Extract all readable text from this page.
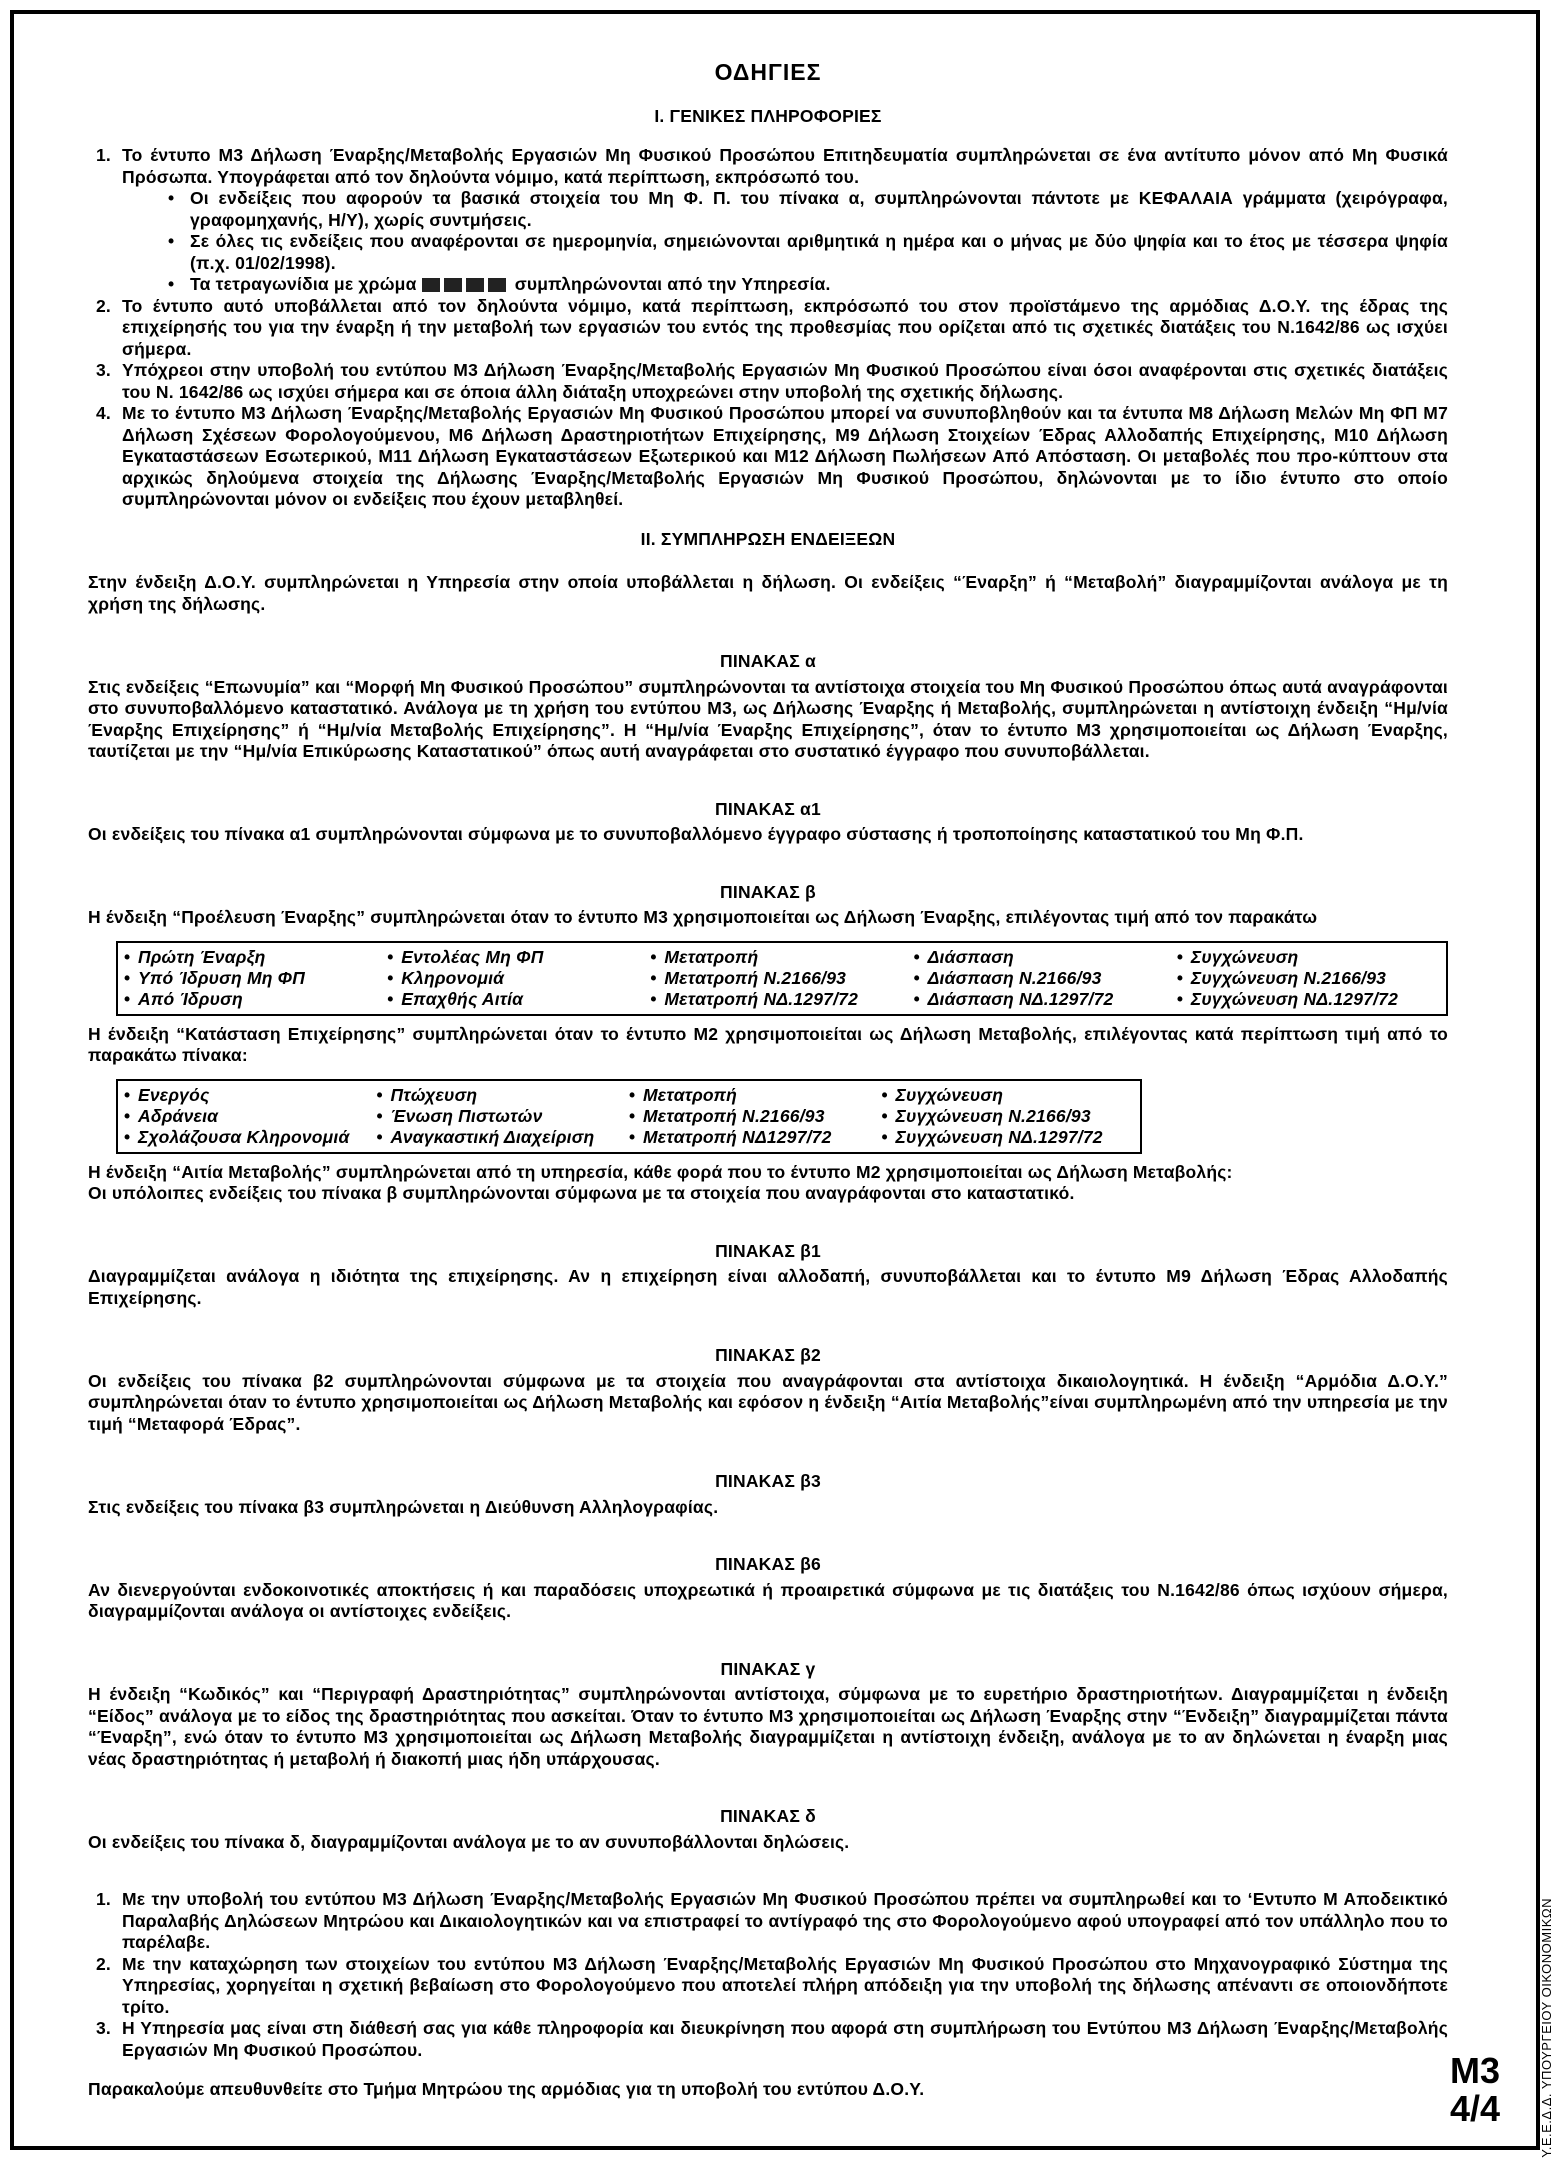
Υ.Ε.Ε.Δ.Δ. ΥΠΟΥΡΓΕΙΟΥ ΟΙΚΟΝΟΜΙΚΩΝ
ΟΔΗΓΙΕΣ
I. ΓΕΝΙΚΕΣ ΠΛΗΡΟΦΟΡΙΕΣ
1. Το έντυπο Μ3 Δήλωση Έναρξης/Μεταβολής Εργασιών Μη Φυσικού Προσώπου Επιτηδευματία συμπληρώνεται σε ένα αντίτυπο μόνον από Μη Φυσικά Πρόσωπα. Υπογράφεται από τον δηλούντα νόμιμο, κατά περίπτωση, εκπρόσωπό του.
• Οι ενδείξεις που αφορούν τα βασικά στοιχεία του Μη Φ. Π. του πίνακα α, συμπληρώνονται πάντοτε με ΚΕΦΑΛΑΙΑ γράμματα (χειρόγραφα, γραφομηχανής, Η/Υ), χωρίς συντμήσεις.
• Σε όλες τις ενδείξεις που αναφέρονται σε ημερομηνία, σημειώνονται αριθμητικά η ημέρα και ο μήνας με δύο ψηφία και το έτος με τέσσερα ψηφία (π.χ. 01/02/1998).
• Τα τετραγωνίδια με χρώμα	συμπληρώνονται από την Υπηρεσία.
2. Το έντυπο αυτό υποβάλλεται από τον δηλούντα νόμιμο, κατά περίπτωση, εκπρόσωπό του στον προϊστάμενο της αρμόδιας Δ.Ο.Υ. της έδρας της επιχείρησής του για την έναρξη ή την μεταβολή των εργασιών του εντός της προθεσμίας που ορίζεται από τις σχετικές διατάξεις του Ν.1642/86 ως ισχύει σήμερα.
3. Υπόχρεοι στην υποβολή του εντύπου Μ3 Δήλωση Έναρξης/Μεταβολής Εργασιών Μη Φυσικού Προσώπου είναι όσοι αναφέρονται στις σχετικές διατάξεις του Ν. 1642/86 ως ισχύει σήμερα και σε όποια άλλη διάταξη υποχρεώνει στην υποβολή της σχετικής δήλωσης.
4. Με το έντυπο Μ3 Δήλωση Έναρξης/Μεταβολής Εργασιών Μη Φυσικού Προσώπου μπορεί να συνυποβληθούν και τα έντυπα Μ8 Δήλωση Μελών Μη ΦΠ Μ7 Δήλωση Σχέσεων Φορολογούμενου, Μ6 Δήλωση Δραστηριοτήτων Επιχείρησης, Μ9 Δήλωση Στοιχείων Έδρας Αλλοδαπής Επιχείρησης, Μ10 Δήλωση Εγκαταστάσεων Εσωτερικού, Μ11 Δήλωση Εγκαταστάσεων Εξωτερικού και Μ12 Δήλωση Πωλήσεων Από Απόσταση. Οι μεταβολές που προ-κύπτουν στα αρχικώς δηλούμενα στοιχεία της Δήλωσης Έναρξης/Μεταβολής Εργασιών Μη Φυσικού Προσώπου, δηλώνονται με το ίδιο έντυπο στο οποίο συμπληρώνονται μόνον οι ενδείξεις που έχουν μεταβληθεί.
II. ΣΥΜΠΛΗΡΩΣΗ ΕΝΔΕΙΞΕΩΝ

Στην ένδειξη Δ.Ο.Υ. συμπληρώνεται η Υπηρεσία στην οποία υποβάλλεται η δήλωση. Οι ενδείξεις “Έναρξη” ή “Μεταβολή” διαγραμμίζονται ανάλογα με τη χρήση της δήλωσης.

ΠΙΝΑΚΑΣ α

Στις ενδείξεις “Επωνυμία” και “Μορφή Μη Φυσικού Προσώπου” συμπληρώνονται τα αντίστοιχα στοιχεία του Μη Φυσικού Προσώπου όπως αυτά αναγράφονται στο συνυποβαλλόμενο καταστατικό. Ανάλογα με τη χρήση του εντύπου Μ3, ως Δήλωσης Έναρξης ή Μεταβολής, συμπληρώνεται η αντίστοιχη ένδειξη “Ημ/νία Έναρξης Επιχείρησης” ή “Ημ/νία Μεταβολής Επιχείρησης”. Η “Ημ/νία Έναρξης Επιχείρησης”, όταν το έντυπο Μ3 χρησιμοποιείται ως Δήλωση Έναρξης, ταυτίζεται με την “Ημ/νία Επικύρωσης Καταστατικού” όπως αυτή αναγράφεται στο συστατικό έγγραφο που συνυποβάλλεται.

ΠΙΝΑΚΑΣ α1

Οι ενδείξεις του πίνακα α1 συμπληρώνονται σύμφωνα με το συνυποβαλλόμενο έγγραφο σύστασης ή τροποποίησης καταστατικού του Μη Φ.Π.

ΠΙΝΑΚΑΣ β

Η ένδειξη “Προέλευση Έναρξης” συμπληρώνεται όταν το έντυπο Μ3 χρησιμοποιείται ως Δήλωση Έναρξης, επιλέγοντας τιμή από τον παρακάτω

• Πρώτη Έναρξη
• Υπό Ίδρυση Μη ΦΠ
• Από Ίδρυση
• Εντολέας Μη ΦΠ
• Κληρονομιά
• Επαχθής Αιτία
• Μετατροπή
• Μετατροπή Ν.2166/93
• Μετατροπή ΝΔ.1297/72
• Διάσπαση
• Διάσπαση Ν.2166/93
• Διάσπαση ΝΔ.1297/72
• Συγχώνευση
• Συγχώνευση Ν.2166/93
• Συγχώνευση ΝΔ.1297/72

Η ένδειξη “Κατάσταση Επιχείρησης” συμπληρώνεται όταν το έντυπο Μ2 χρησιμοποιείται ως Δήλωση Μεταβολής, επιλέγοντας κατά περίπτωση τιμή από το παρακάτω πίνακα:

• Ενεργός
• Αδράνεια
• Σχολάζουσα Κληρονομιά
• Πτώχευση
• Ένωση Πιστωτών
• Αναγκαστική Διαχείριση
• Μετατροπή
• Μετατροπή Ν.2166/93
• Μετατροπή ΝΔ1297/72
• Συγχώνευση
• Συγχώνευση Ν.2166/93
• Συγχώνευση ΝΔ.1297/72

Η ένδειξη “Αιτία Μεταβολής” συμπληρώνεται από τη υπηρεσία, κάθε φορά που το έντυπο Μ2 χρησιμοποιείται ως Δήλωση Μεταβολής:

Οι υπόλοιπες ενδείξεις του πίνακα β συμπληρώνονται σύμφωνα με τα στοιχεία που αναγράφονται στο καταστατικό.

ΠΙΝΑΚΑΣ β1

Διαγραμμίζεται ανάλογα η ιδιότητα της επιχείρησης. Αν η επιχείρηση είναι αλλοδαπή, συνυποβάλλεται και το έντυπο Μ9 Δήλωση Έδρας Αλλοδαπής Επιχείρησης.

ΠΙΝΑΚΑΣ β2

Οι ενδείξεις του πίνακα β2 συμπληρώνονται σύμφωνα με τα στοιχεία που αναγράφονται στα αντίστοιχα δικαιολογητικά. Η ένδειξη “Αρμόδια Δ.Ο.Υ.” συμπληρώνεται όταν το έντυπο χρησιμοποιείται ως Δήλωση Μεταβολής και εφόσον η ένδειξη “Αιτία Μεταβολής”είναι συμπληρωμένη από την υπηρεσία με την τιμή “Μεταφορά Έδρας”.

ΠΙΝΑΚΑΣ β3

Στις ενδείξεις του πίνακα β3 συμπληρώνεται η Διεύθυνση Αλληλογραφίας.

ΠΙΝΑΚΑΣ β6

Αν διενεργούνται ενδοκοινοτικές αποκτήσεις ή και παραδόσεις υποχρεωτικά ή προαιρετικά σύμφωνα με τις διατάξεις του Ν.1642/86 όπως ισχύουν σήμερα, διαγραμμίζονται ανάλογα οι αντίστοιχες ενδείξεις.

ΠΙΝΑΚΑΣ γ

Η ένδειξη “Κωδικός” και “Περιγραφή Δραστηριότητας” συμπληρώνονται αντίστοιχα, σύμφωνα με το ευρετήριο δραστηριοτήτων. Διαγραμμίζεται η ένδειξη “Είδος” ανάλογα με το είδος της δραστηριότητας που ασκείται. Όταν το έντυπο Μ3 χρησιμοποιείται ως Δήλωση Έναρξης στην “Ένδειξη” διαγραμμίζεται πάντα “Έναρξη”, ενώ όταν το έντυπο Μ3 χρησιμοποιείται ως Δήλωση Μεταβολής διαγραμμίζεται η αντίστοιχη ένδειξη, ανάλογα με το αν δηλώνεται η έναρξη μιας νέας δραστηριότητας ή μεταβολή ή διακοπή μιας ήδη υπάρχουσας.

ΠΙΝΑΚΑΣ δ

Οι ενδείξεις του πίνακα δ, διαγραμμίζονται ανάλογα με το αν συνυποβάλλονται δηλώσεις.

1. Με την υποβολή του εντύπου Μ3 Δήλωση Έναρξης/Μεταβολής Εργασιών Μη Φυσικού Προσώπου πρέπει να συμπληρωθεί και το ‘Εντυπο Μ Αποδεικτικό Παραλαβής Δηλώσεων Μητρώου και Δικαιολογητικών και να επιστραφεί το αντίγραφό της στο Φορολογούμενο αφού υπογραφεί από τον υπάλληλο που το παρέλαβε.
2. Με την καταχώρηση των στοιχείων του εντύπου Μ3 Δήλωση Έναρξης/Μεταβολής Εργασιών Μη Φυσικού Προσώπου στο Μηχανογραφικό Σύστημα της Υπηρεσίας, χορηγείται η σχετική βεβαίωση στο Φορολογούμενο που αποτελεί πλήρη απόδειξη για την υποβολή της δήλωσης απέναντι σε οποιονδήποτε τρίτο.
3. Η Υπηρεσία μας είναι στη διάθεσή σας για κάθε πληροφορία και διευκρίνηση που αφορά στη συμπλήρωση του Εντύπου Μ3 Δήλωση Έναρξης/Μεταβολής Εργασιών Μη Φυσικού Προσώπου.

Παρακαλούμε απευθυνθείτε στο Τμήμα Μητρώου της αρμόδιας για τη υποβολή του εντύπου Δ.Ο.Υ.	Μ3
4/4
